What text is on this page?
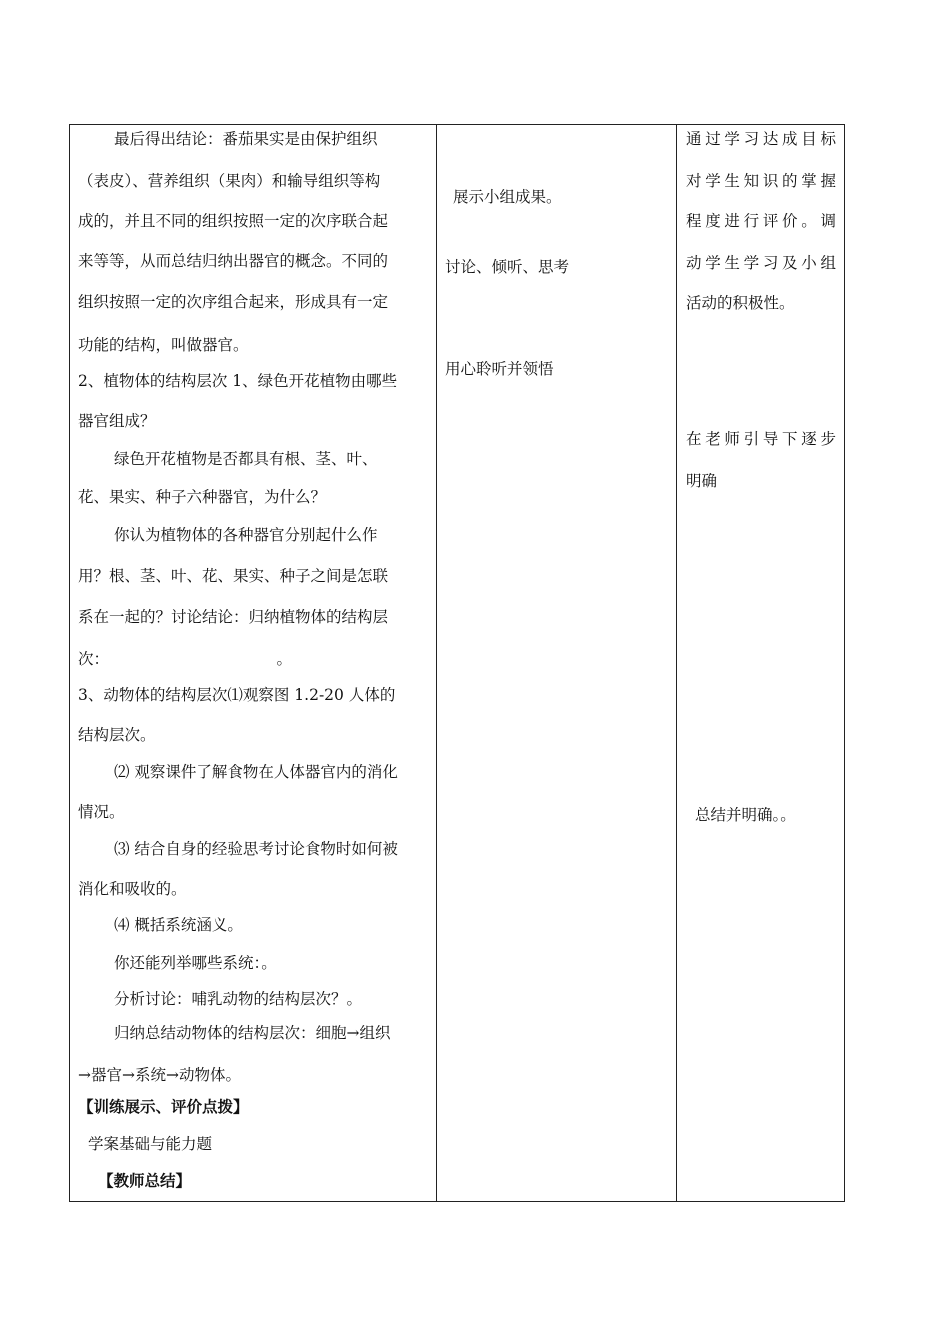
最后得出结论：番茄果实是由保护组织
（表皮）、营养组织（果肉）和输导组织等构
成的，并且不同的组织按照一定的次序联合起
来等等，从而总结归纳出器官的概念。不同的
组织按照一定的次序组合起来，形成具有一定
功能的结构，叫做器官。
2、植物体的结构层次 1、绿色开花植物由哪些
器官组成？
绿色开花植物是否都具有根、茎、叶、
花、果实、种子六种器官，为什么？
你认为植物体的各种器官分别起什么作
用？根、茎、叶、花、果实、种子之间是怎联
系在一起的？讨论结论：归纳植物体的结构层
次：                                  。
3、动物体的结构层次⑴观察图 1.2-20 人体的
结构层次。
⑵ 观察课件了解食物在人体器官内的消化
情况。
⑶ 结合自身的经验思考讨论食物时如何被
消化和吸收的。
⑷ 概括系统涵义。
你还能列举哪些系统：。
分析讨论：哺乳动物的结构层次？。
归纳总结动物体的结构层次：细胞→组织
→器官→系统→动物体。
【训练展示、评价点拨】
学案基础与能力题
【教师总结】
展示小组成果。
讨论、倾听、思考
用心聆听并领悟
通过学习达成目标
对学生知识的掌握
程度进行评价。调
动学生学习及小组
活动的积极性。
在老师引导下逐步
明确
总结并明确。。
